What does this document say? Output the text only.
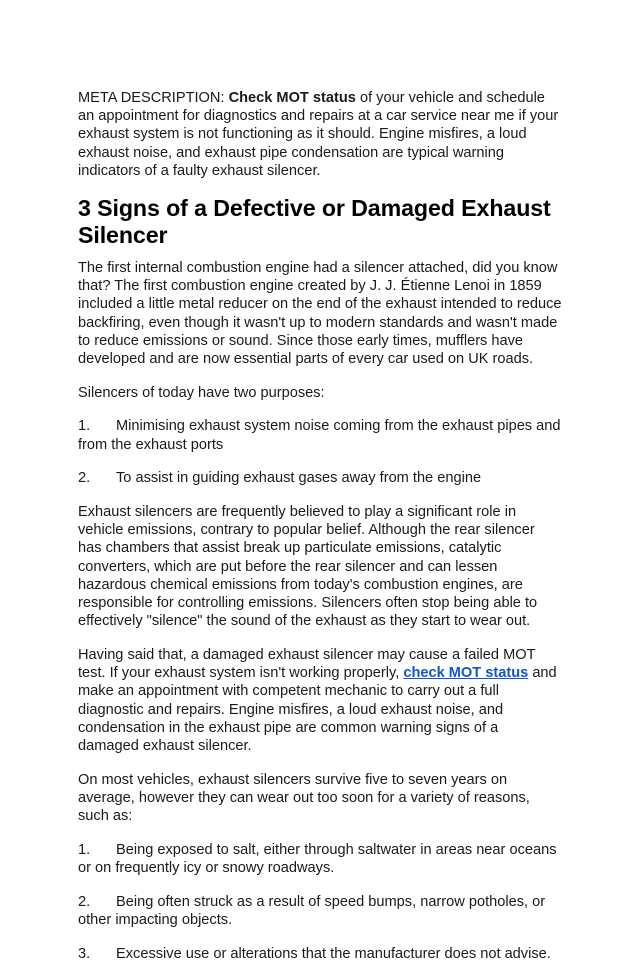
META DESCRIPTION: Check MOT status of your vehicle and schedule an appointment for diagnostics and repairs at a car service near me if your exhaust system is not functioning as it should. Engine misfires, a loud exhaust noise, and exhaust pipe condensation are typical warning indicators of a faulty exhaust silencer.

3 Signs of a Defective or Damaged Exhaust Silencer

The first internal combustion engine had a silencer attached, did you know that? The first combustion engine created by J. J. Étienne Lenoi in 1859 included a little metal reducer on the end of the exhaust intended to reduce backfiring, even though it wasn't up to modern standards and wasn't made to reduce emissions or sound. Since those early times, mufflers have developed and are now essential parts of every car used on UK roads.

Silencers of today have two purposes:

1. Minimising exhaust system noise coming from the exhaust pipes and from the exhaust ports

2. To assist in guiding exhaust gases away from the engine

Exhaust silencers are frequently believed to play a significant role in vehicle emissions, contrary to popular belief. Although the rear silencer has chambers that assist break up particulate emissions, catalytic converters, which are put before the rear silencer and can lessen hazardous chemical emissions from today's combustion engines, are responsible for controlling emissions. Silencers often stop being able to effectively "silence" the sound of the exhaust as they start to wear out.

Having said that, a damaged exhaust silencer may cause a failed MOT test. If your exhaust system isn't working properly, check MOT status and make an appointment with competent mechanic to carry out a full diagnostic and repairs. Engine misfires, a loud exhaust noise, and condensation in the exhaust pipe are common warning signs of a damaged exhaust silencer.

On most vehicles, exhaust silencers survive five to seven years on average, however they can wear out too soon for a variety of reasons, such as:

1. Being exposed to salt, either through saltwater in areas near oceans or on frequently icy or snowy roadways.

2. Being often struck as a result of speed bumps, narrow potholes, or other impacting objects.

3. Excessive use or alterations that the manufacturer does not advise.
